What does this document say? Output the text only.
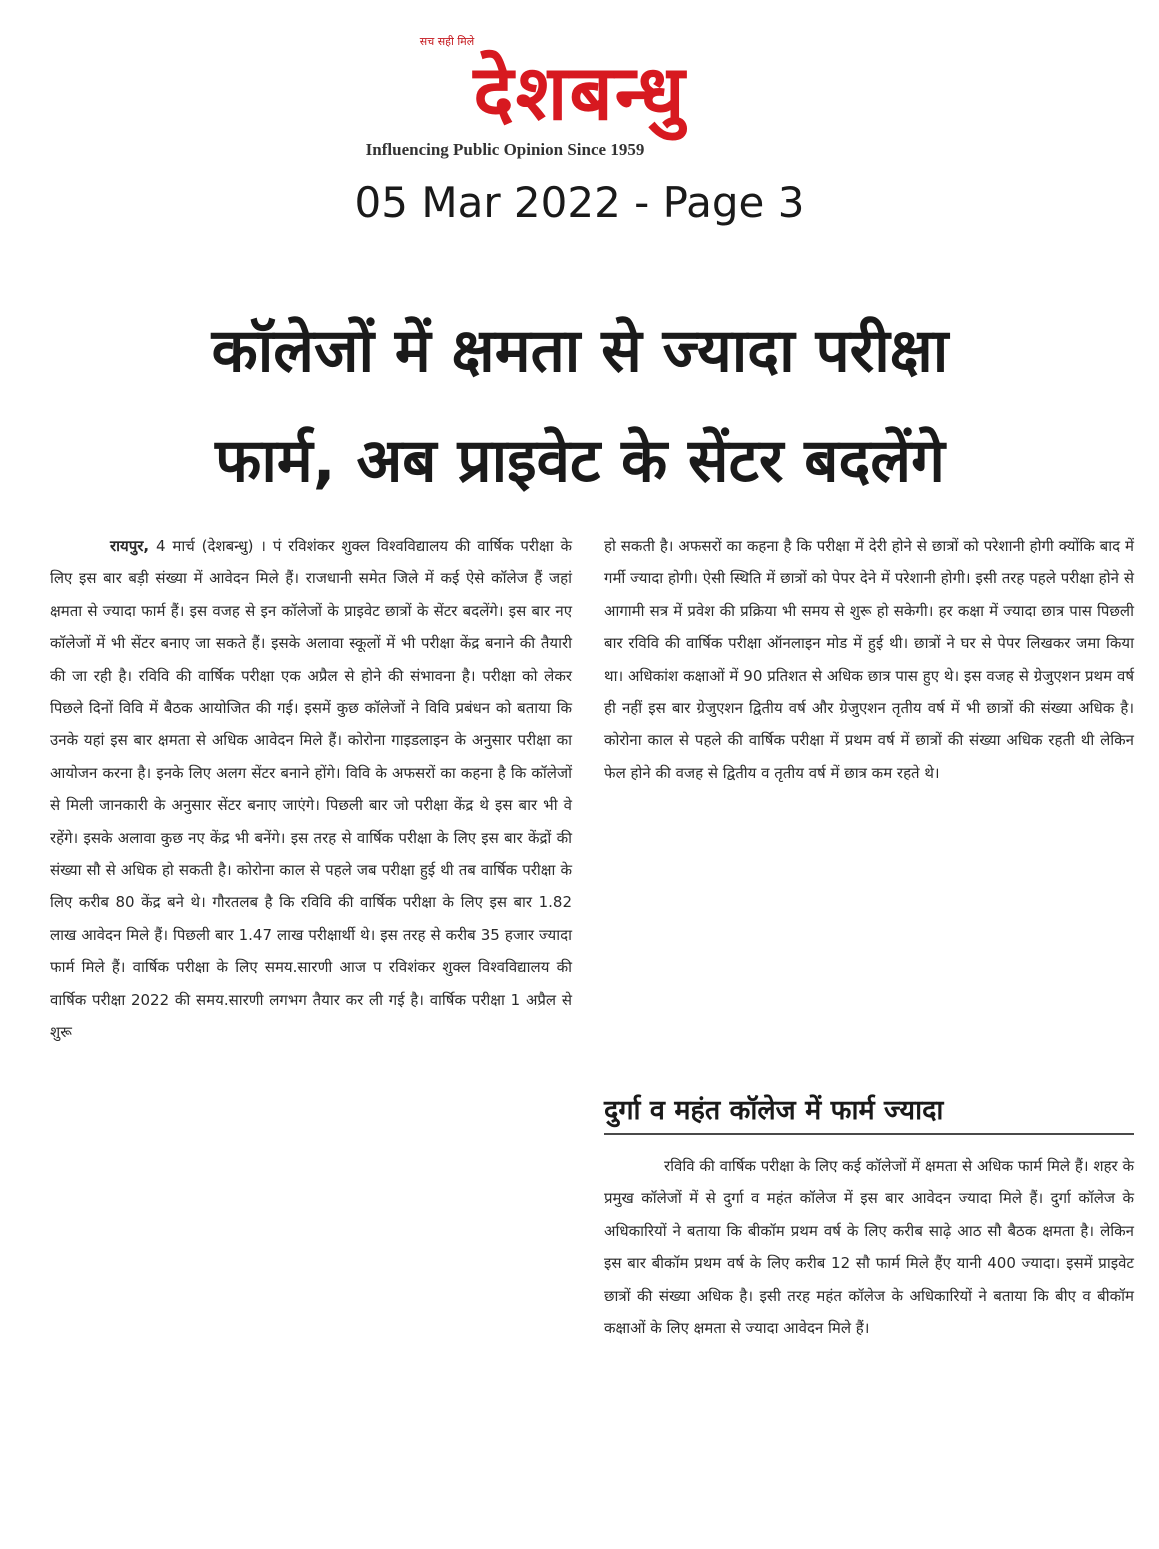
सच सही मिले
देशबन्धु
Influencing Public Opinion Since 1959
05 Mar 2022 - Page 3
कॉलेजों में क्षमता से ज्यादा परीक्षा
फार्म, अब प्राइवेट के सेंटर बदलेंगे

रायपुर, 4 मार्च (देशबन्धु) । पं रविशंकर शुक्ल विश्वविद्यालय की वार्षिक परीक्षा के लिए इस बार बड़ी संख्या में आवेदन मिले हैं। राजधानी समेत जिले में कई ऐसे कॉलेज हैं जहां क्षमता से ज्यादा फार्म हैं। इस वजह से इन कॉलेजों के प्राइवेट छात्रों के सेंटर बदलेंगे। इस बार नए कॉलेजों में भी सेंटर बनाए जा सकते हैं। इसके अलावा स्कूलों में भी परीक्षा केंद्र बनाने की तैयारी की जा रही है। रविवि की वार्षिक परीक्षा एक अप्रैल से होने की संभावना है। परीक्षा को लेकर पिछले दिनों विवि में बैठक आयोजित की गई। इसमें कुछ कॉलेजों ने विवि प्रबंधन को बताया कि उनके यहां इस बार क्षमता से अधिक आवेदन मिले हैं। कोरोना गाइडलाइन के अनुसार परीक्षा का आयोजन करना है। इनके लिए अलग सेंटर बनाने होंगे। विवि के अफसरों का कहना है कि कॉलेजों से मिली जानकारी के अनुसार सेंटर बनाए जाएंगे। पिछली बार जो परीक्षा केंद्र थे इस बार भी वे रहेंगे। इसके अलावा कुछ नए केंद्र भी बनेंगे। इस तरह से वार्षिक परीक्षा के लिए इस बार केंद्रों की संख्या सौ से अधिक हो सकती है। कोरोना काल से पहले जब परीक्षा हुई थी तब वार्षिक परीक्षा के लिए करीब 80 केंद्र बने थे। गौरतलब है कि रविवि की वार्षिक परीक्षा के लिए इस बार 1.82 लाख आवेदन मिले हैं। पिछली बार 1.47 लाख परीक्षार्थी थे। इस तरह से करीब 35 हजार ज्यादा फार्म मिले हैं। वार्षिक परीक्षा के लिए समय.सारणी आज प रविशंकर शुक्ल विश्वविद्यालय की वार्षिक परीक्षा 2022 की समय.सारणी लगभग तैयार कर ली गई है। वार्षिक परीक्षा 1 अप्रैल से शुरू

हो सकती है। अफसरों का कहना है कि परीक्षा में देरी होने से छात्रों को परेशानी होगी क्योंकि बाद में गर्मी ज्यादा होगी। ऐसी स्थिति में छात्रों को पेपर देने में परेशानी होगी। इसी तरह पहले परीक्षा होने से आगामी सत्र में प्रवेश की प्रक्रिया भी समय से शुरू हो सकेगी। हर कक्षा में ज्यादा छात्र पास पिछली बार रविवि की वार्षिक परीक्षा ऑनलाइन मोड में हुई थी। छात्रों ने घर से पेपर लिखकर जमा किया था। अधिकांश कक्षाओं में 90 प्रतिशत से अधिक छात्र पास हुए थे। इस वजह से ग्रेजुएशन प्रथम वर्ष ही नहीं इस बार ग्रेजुएशन द्वितीय वर्ष और ग्रेजुएशन तृतीय वर्ष में भी छात्रों की संख्या अधिक है। कोरोना काल से पहले की वार्षिक परीक्षा में प्रथम वर्ष में छात्रों की संख्या अधिक रहती थी लेकिन फेल होने की वजह से द्वितीय व तृतीय वर्ष में छात्र कम रहते थे।

दुर्गा व महंत कॉलेज में फार्म ज्यादा

रविवि की वार्षिक परीक्षा के लिए कई कॉलेजों में क्षमता से अधिक फार्म मिले हैं। शहर के प्रमुख कॉलेजों में से दुर्गा व महंत कॉलेज में इस बार आवेदन ज्यादा मिले हैं। दुर्गा कॉलेज के अधिकारियों ने बताया कि बीकॉम प्रथम वर्ष के लिए करीब साढ़े आठ सौ बैठक क्षमता है। लेकिन इस बार बीकॉम प्रथम वर्ष के लिए करीब 12 सौ फार्म मिले हैंए यानी 400 ज्यादा। इसमें प्राइवेट छात्रों की संख्या अधिक है। इसी तरह महंत कॉलेज के अधिकारियों ने बताया कि बीए व बीकॉम कक्षाओं के लिए क्षमता से ज्यादा आवेदन मिले हैं।
